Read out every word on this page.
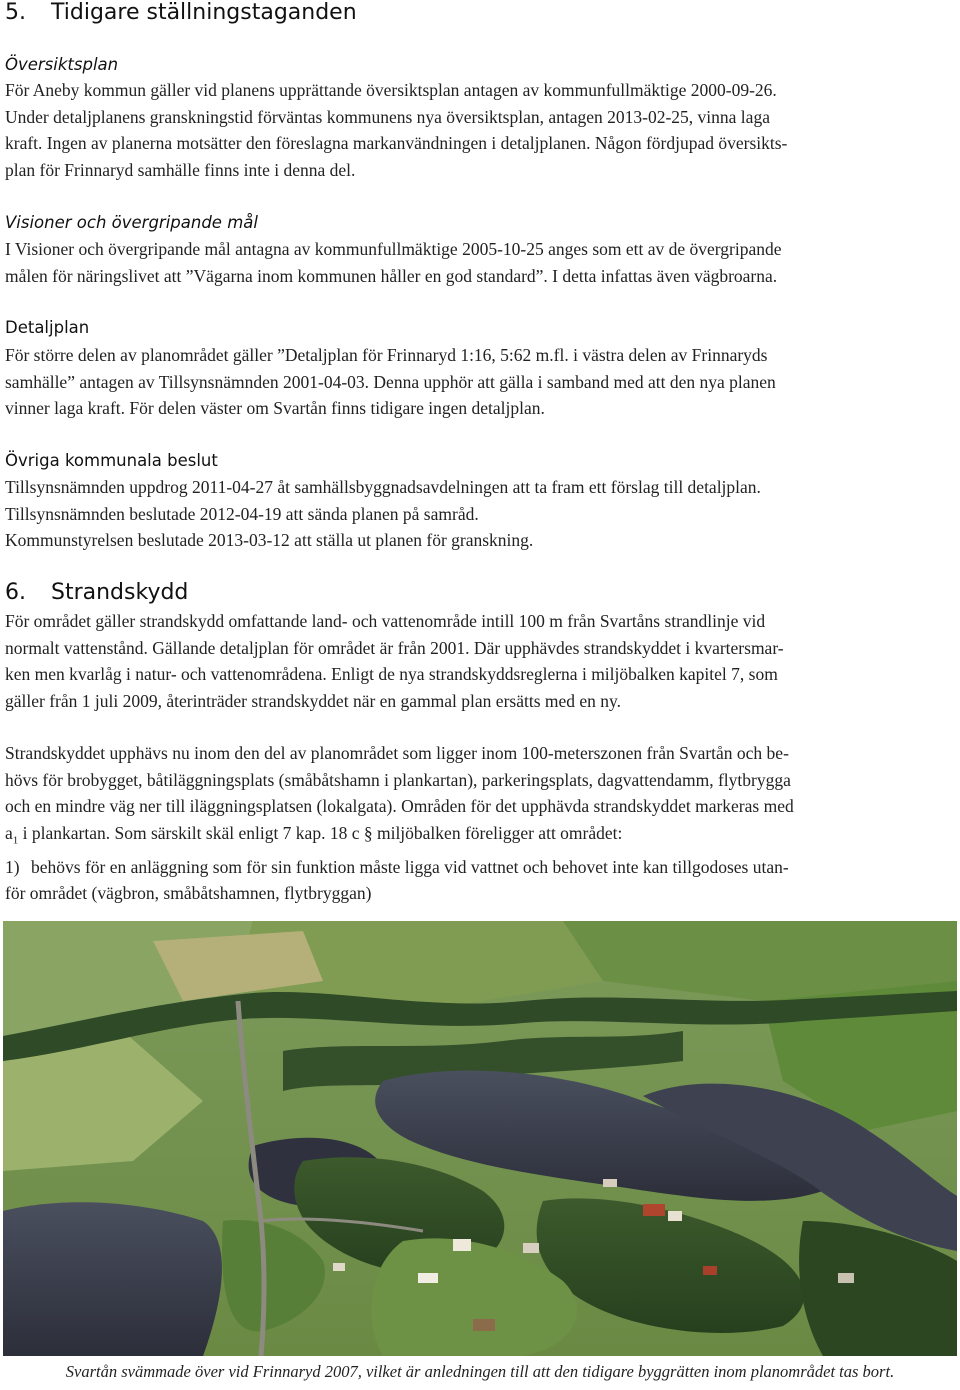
5. Tidigare ställningstaganden
Översiktsplan
För Aneby kommun gäller vid planens upprättande översiktsplan antagen av kommunfullmäktige 2000-09-26.
Under detaljplanens granskningstid förväntas kommunens nya översiktsplan, antagen 2013-02-25, vinna laga
kraft. Ingen av planerna motsätter den föreslagna markanvändningen i detaljplanen. Någon fördjupad översikts-
plan för Frinnaryd samhälle finns inte i denna del.
Visioner och övergripande mål
I Visioner och övergripande mål antagna av kommunfullmäktige 2005-10-25 anges som ett av de övergripande
målen för näringslivet att ”Vägarna inom kommunen håller en god standard”. I detta infattas även vägbroarna.
Detaljplan
För större delen av planområdet gäller ”Detaljplan för Frinnaryd 1:16, 5:62 m.fl. i västra delen av Frinnaryds
samhälle” antagen av Tillsynsnämnden 2001-04-03. Denna upphör att gälla i samband med att den nya planen
vinner laga kraft. För delen väster om Svartån finns tidigare ingen detaljplan.
Övriga kommunala beslut
Tillsynsnämnden uppdrog 2011-04-27 åt samhällsbyggnadsavdelningen att ta fram ett förslag till detaljplan.
Tillsynsnämnden beslutade 2012-04-19 att sända planen på samråd.
Kommunstyrelsen beslutade 2013-03-12 att ställa ut planen för granskning.
6. Strandskydd
För området gäller strandskydd omfattande land- och vattenområde intill 100 m från Svartåns strandlinje vid
normalt vattenstånd. Gällande detaljplan för området är från 2001. Där upphävdes strandskyddet i kvartersmar-
ken men kvarlåg i natur- och vattenområdena. Enligt de nya strandskyddsreglerna i miljöbalken kapitel 7, som
gäller från 1 juli 2009, återinträder strandskyddet när en gammal plan ersätts med en ny.
Strandskyddet upphävs nu inom den del av planområdet som ligger inom 100-meterszonen från Svartån och be-
hövs för brobygget, båtiläggningsplats (småbåtshamn i plankartan), parkeringsplats, dagvattendamm, flytbrygga
och en mindre väg ner till iläggningsplatsen (lokalgata). Områden för det upphävda strandskyddet markeras med
$a_1$ i plankartan. Som särskilt skäl enligt 7 kap. 18 c § miljöbalken föreligger att området:
1) behövs för en anläggning som för sin funktion måste ligga vid vattnet och behovet inte kan tillgodoses utan-
för området (vägbron, småbåtshamnen, flytbryggan)

Svartån svämmade över vid Frinnaryd 2007, vilket är anledningen till att den tidigare byggrätten inom planområdet tas bort.
